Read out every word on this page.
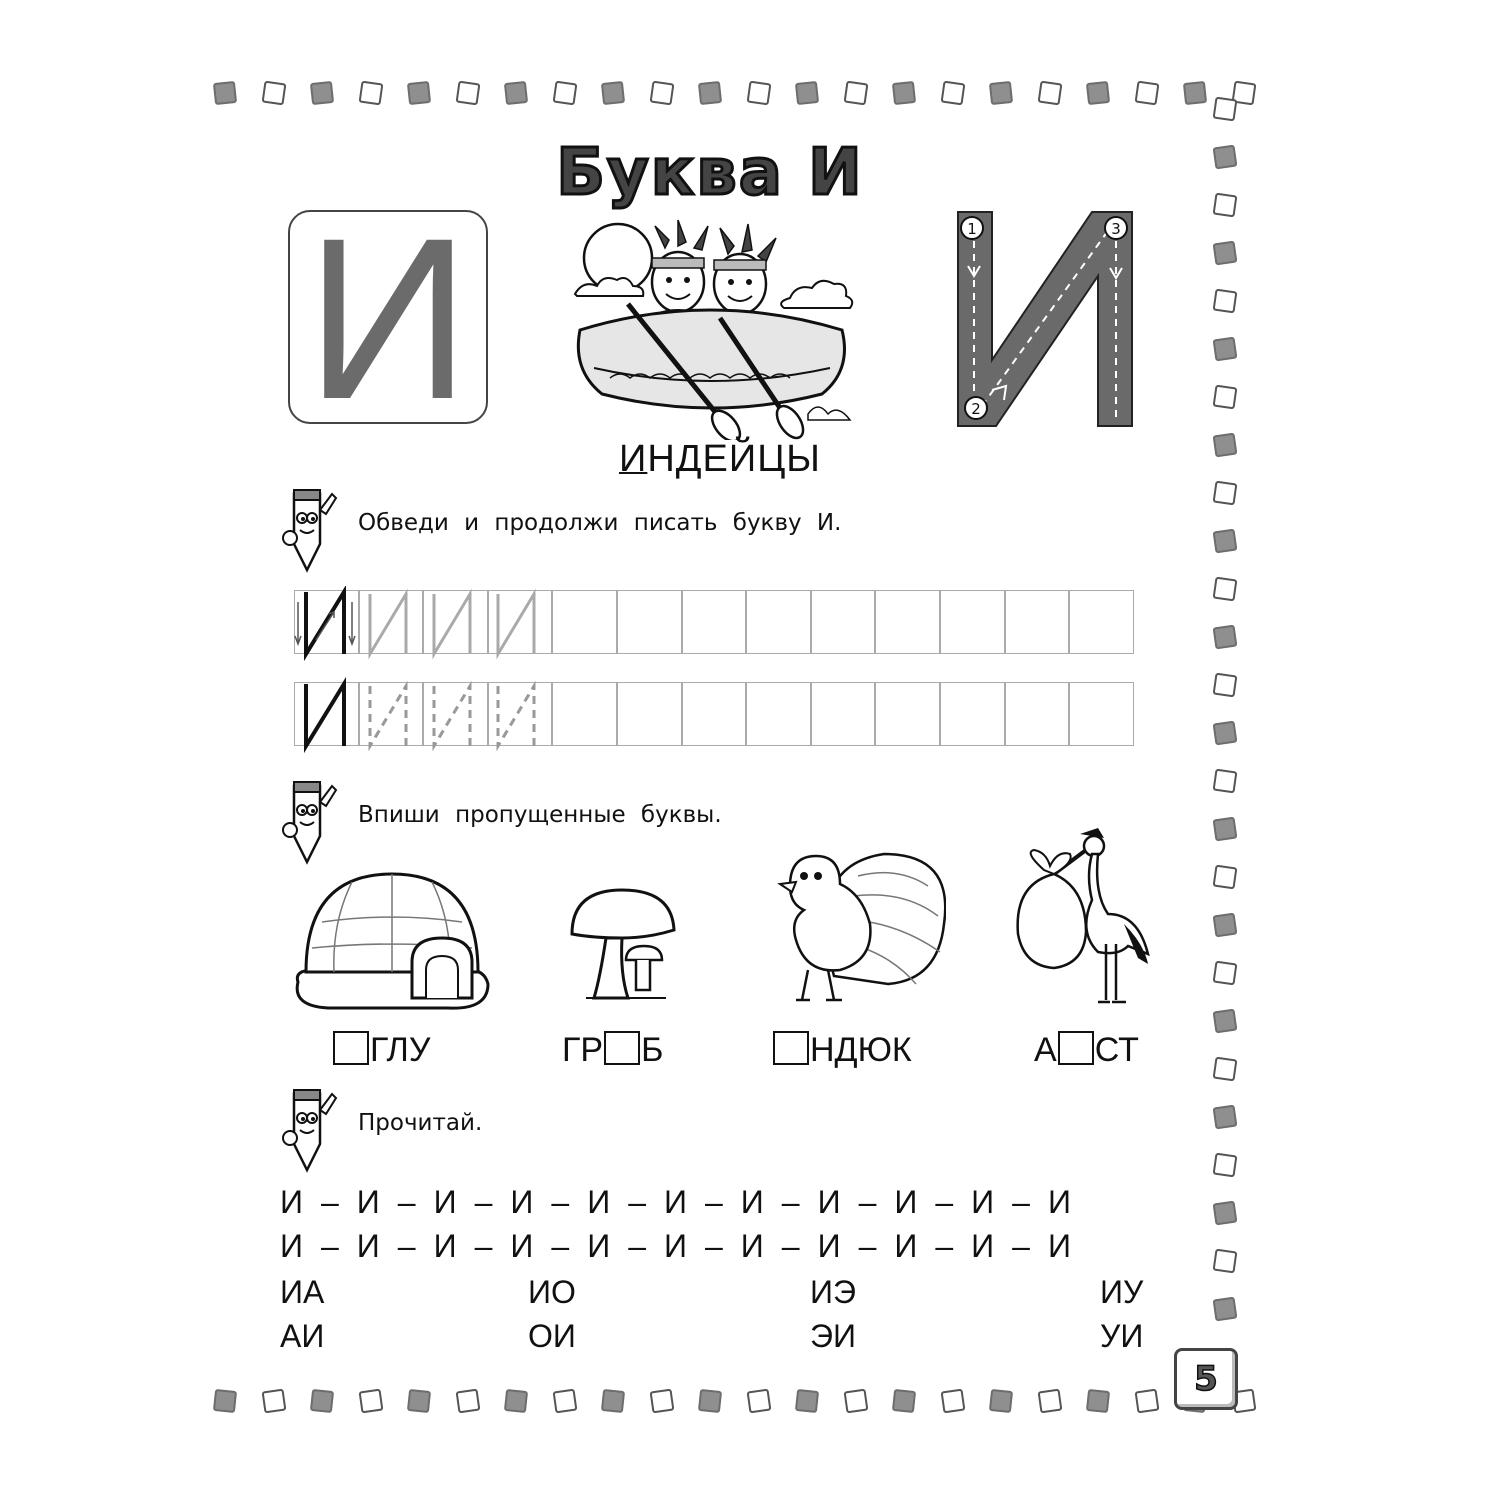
Буква И
И
ИНДЕЙЦЫ
1
2
3
Обведи и продолжи писать букву И.
Впиши пропущенные буквы.
ГЛУ	ГР Б	НДЮК	А СТ
Прочитай.
И – И – И – И – И – И – И – И – И – И – И
И – И – И – И – И – И – И – И – И – И – И
ИА	ИО	ИЭ	ИУ
АИ	ОИ	ЭИ	УИ
5
